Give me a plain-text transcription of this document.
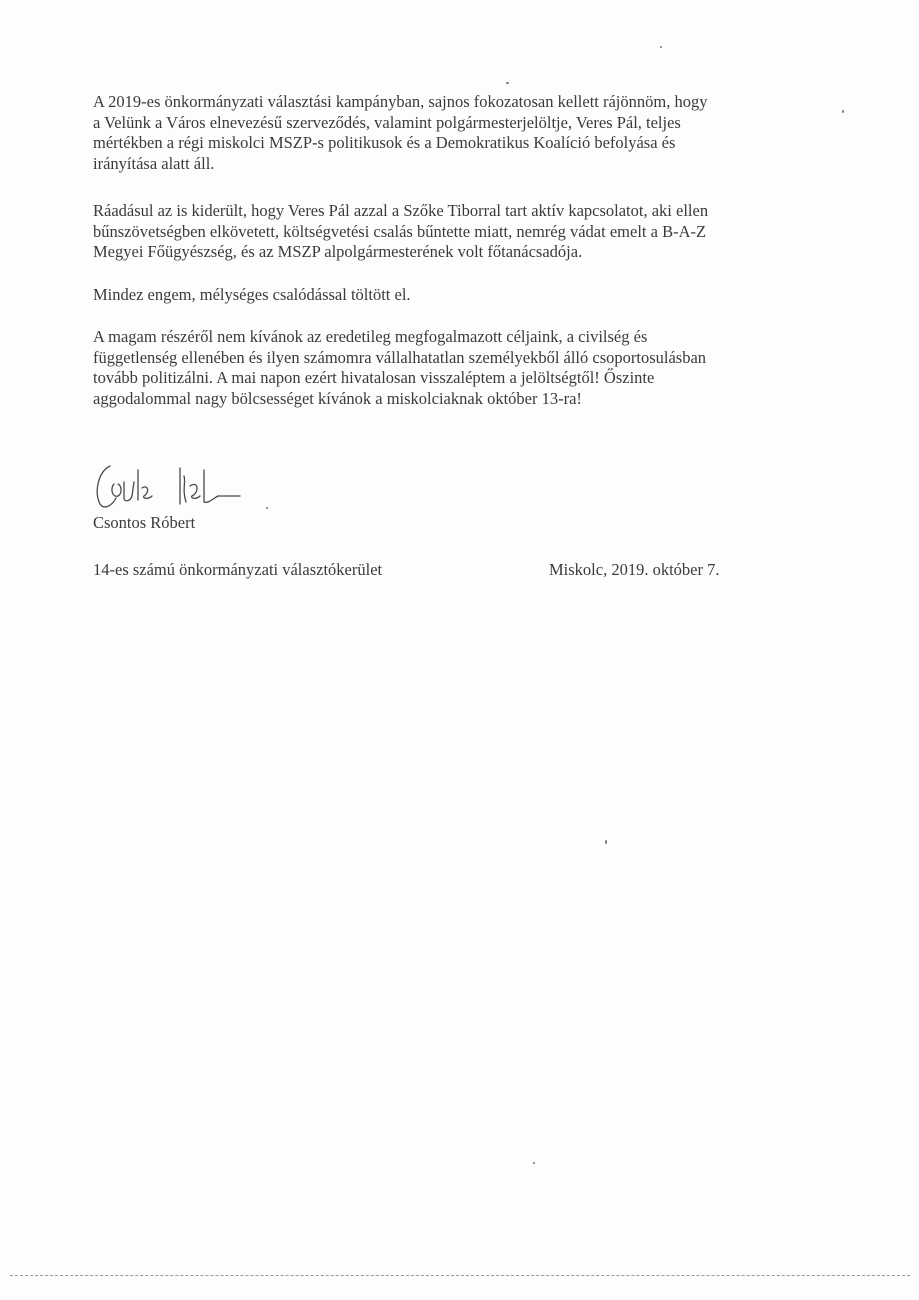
A 2019-es önkormányzati választási kampányban, sajnos fokozatosan kellett rájönnöm, hogy
a Velünk a Város elnevezésű szerveződés, valamint polgármesterjelöltje, Veres Pál, teljes
mértékben a régi miskolci MSZP-s politikusok és a Demokratikus Koalíció befolyása és
irányítása alatt áll.

Ráadásul az is kiderült, hogy Veres Pál azzal a Szőke Tiborral tart aktív kapcsolatot, aki ellen
bűnszövetségben elkövetett, költségvetési csalás bűntette miatt, nemrég vádat emelt a B-A-Z
Megyei Főügyészség, és az MSZP alpolgármesterének volt főtanácsadója.

Mindez engem, mélységes csalódással töltött el.

A magam részéről nem kívánok az eredetileg megfogalmazott céljaink, a civilség és
függetlenség ellenében és ilyen számomra vállalhatatlan személyekből álló csoportosulásban
tovább politizálni. A mai napon ezért hivatalosan visszaléptem a jelöltségtől! Őszinte
aggodalommal nagy bölcsességet kívánok a miskolciaknak október 13-ra!

Csontos Róbert
14-es számú önkormányzati választókerület	Miskolc, 2019. október 7.
